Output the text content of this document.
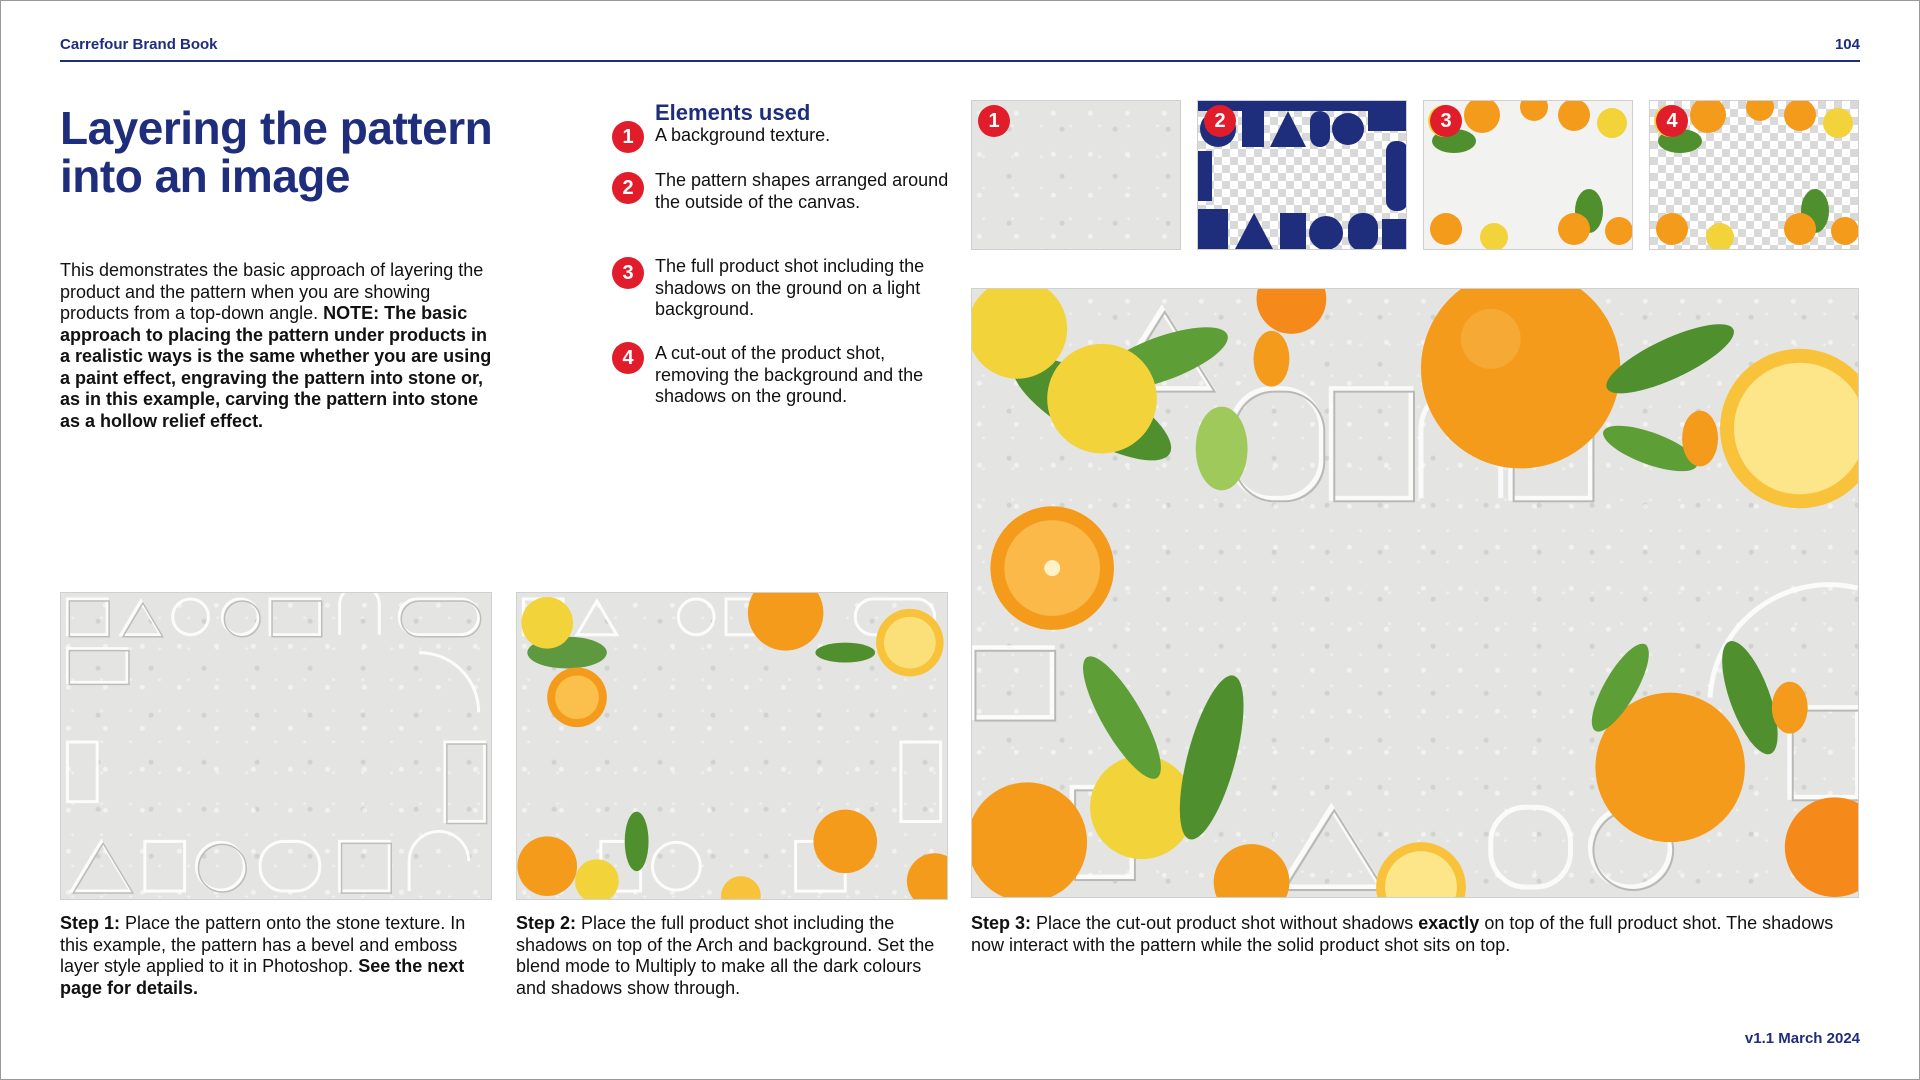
Carrefour Brand Book	104
Layering the pattern into an image
This demonstrates the basic approach of layering the product and the pattern when you are showing products from a top-down angle. NOTE: The basic approach to placing the pattern under products in a realistic ways is the same whether you are using a paint effect, engraving the pattern into stone or, as in this example, carving the pattern into stone as a hollow relief effect.
Elements used
1	A background texture.
2	The pattern shapes arranged around the outside of the canvas.
3	The full product shot including the shadows on the ground on a light background.
4	A cut-out of the product shot, removing the background and the shadows on the ground.
1	2	3	4
Step 1: Place the pattern onto the stone texture. In this example, the pattern has a bevel and emboss layer style applied to it in Photoshop. See the next page for details.
Step 2: Place the full product shot including the shadows on top of the Arch and background. Set the blend mode to Multiply to make all the dark colours and shadows show through.
Step 3: Place the cut-out product shot without shadows exactly on top of the full product shot. The shadows now interact with the pattern while the solid product shot sits on top.
v1.1 March 2024
